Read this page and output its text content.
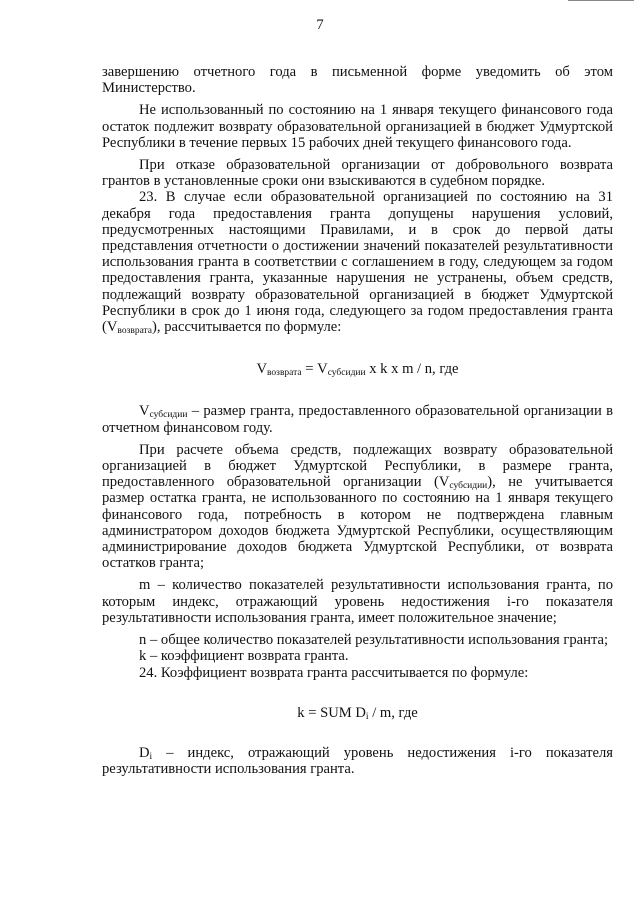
7

завершению отчетного года в письменной форме уведомить об этом Министерство.

Не использованный по состоянию на 1 января текущего финансового года остаток подлежит возврату образовательной организацией в бюджет Удмуртской Республики в течение первых 15 рабочих дней текущего финансового года.

При отказе образовательной организации от добровольного возврата грантов в установленные сроки они взыскиваются в судебном порядке.

23. В случае если образовательной организацией по состоянию на 31 декабря года предоставления гранта допущены нарушения условий, предусмотренных настоящими Правилами, и в срок до первой даты представления отчетности о достижении значений показателей результативности использования гранта в соответствии с соглашением в году, следующем за годом предоставления гранта, указанные нарушения не устранены, объем средств, подлежащий возврату образовательной организацией в бюджет Удмуртской Республики в срок до 1 июня года, следующего за годом предоставления гранта $(V_{возврата})$, рассчитывается по формуле:

$V_{возврата} = V_{субсидии}$ x k x m / n, где

$V_{субсидии}$ – размер гранта, предоставленного образовательной организации в отчетном финансовом году.

При расчете объема средств, подлежащих возврату образовательной организацией в бюджет Удмуртской Республики, в размере гранта, предоставленного образовательной организации $(V_{субсидии})$, не учитывается размер остатка гранта, не использованного по состоянию на 1 января текущего финансового года, потребность в котором не подтверждена главным администратором доходов бюджета Удмуртской Республики, осуществляющим администрирование доходов бюджета Удмуртской Республики, от возврата остатков гранта;

m – количество показателей результативности использования гранта, по которым индекс, отражающий уровень недостижения i-го показателя результативности использования гранта, имеет положительное значение;

n – общее количество показателей результативности использования гранта;

k – коэффициент возврата гранта.

24. Коэффициент возврата гранта рассчитывается по формуле:

k = SUM $D_i$ / m, где

$D_i$ – индекс, отражающий уровень недостижения i-го показателя результативности использования гранта.
